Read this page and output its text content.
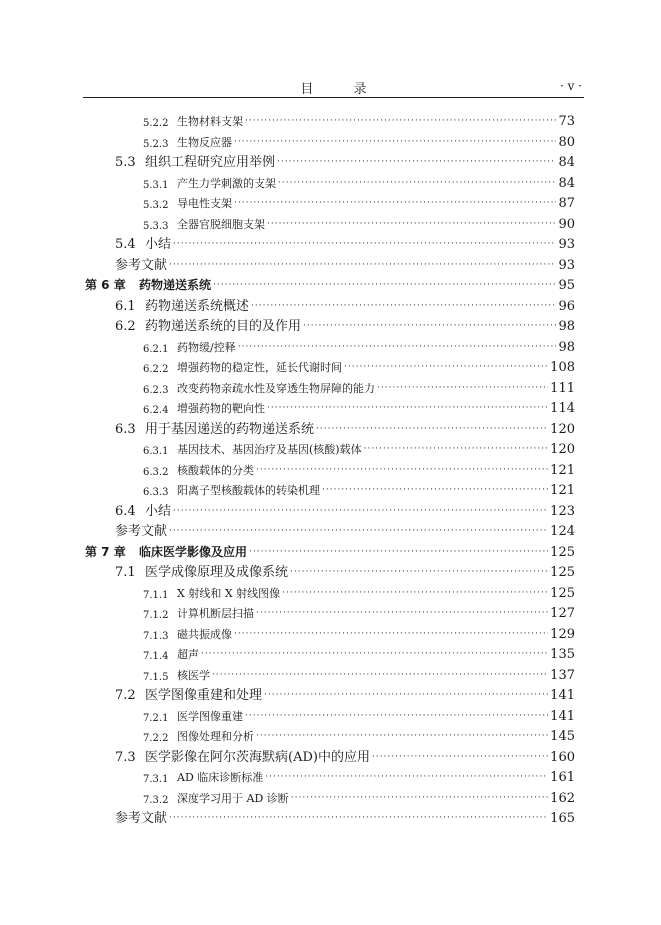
目 录	· v ·
5.2.2 生物材料支架 ·····	73
5.2.3 生物反应器 ·····	80
5.3 组织工程研究应用举例 ·····	84
5.3.1 产生力学刺激的支架 ·····	84
5.3.2 导电性支架 ·····	87
5.3.3 全器官脱细胞支架 ·····	90
5.4 小结 ·····	93
参考文献 ·····	93
第 6 章	药物递送系统 ·····	95
6.1 药物递送系统概述 ·····	96
6.2 药物递送系统的目的及作用 ·····	98
6.2.1 药物缓/控释 ·····	98
6.2.2 增强药物的稳定性，延长代谢时间 ·····	108
6.2.3 改变药物亲疏水性及穿透生物屏障的能力 ·····	111
6.2.4 增强药物的靶向性 ·····	114
6.3 用于基因递送的药物递送系统 ·····	120
6.3.1 基因技术、基因治疗及基因(核酸)载体 ·····	120
6.3.2 核酸载体的分类 ·····	121
6.3.3 阳离子型核酸载体的转染机理 ·····	121
6.4 小结 ·····	123
参考文献 ·····	124
第 7 章	临床医学影像及应用 ·····	125
7.1 医学成像原理及成像系统 ·····	125
7.1.1 X 射线和 X 射线图像 ·····	125
7.1.2 计算机断层扫描 ·····	127
7.1.3 磁共振成像 ·····	129
7.1.4 超声 ·····	135
7.1.5 核医学 ·····	137
7.2 医学图像重建和处理 ·····	141
7.2.1 医学图像重建 ·····	141
7.2.2 图像处理和分析 ·····	145
7.3 医学影像在阿尔茨海默病(AD)中的应用 ·····	160
7.3.1 AD 临床诊断标准 ·····	161
7.3.2 深度学习用于 AD 诊断 ·····	162
参考文献 ·····	165
